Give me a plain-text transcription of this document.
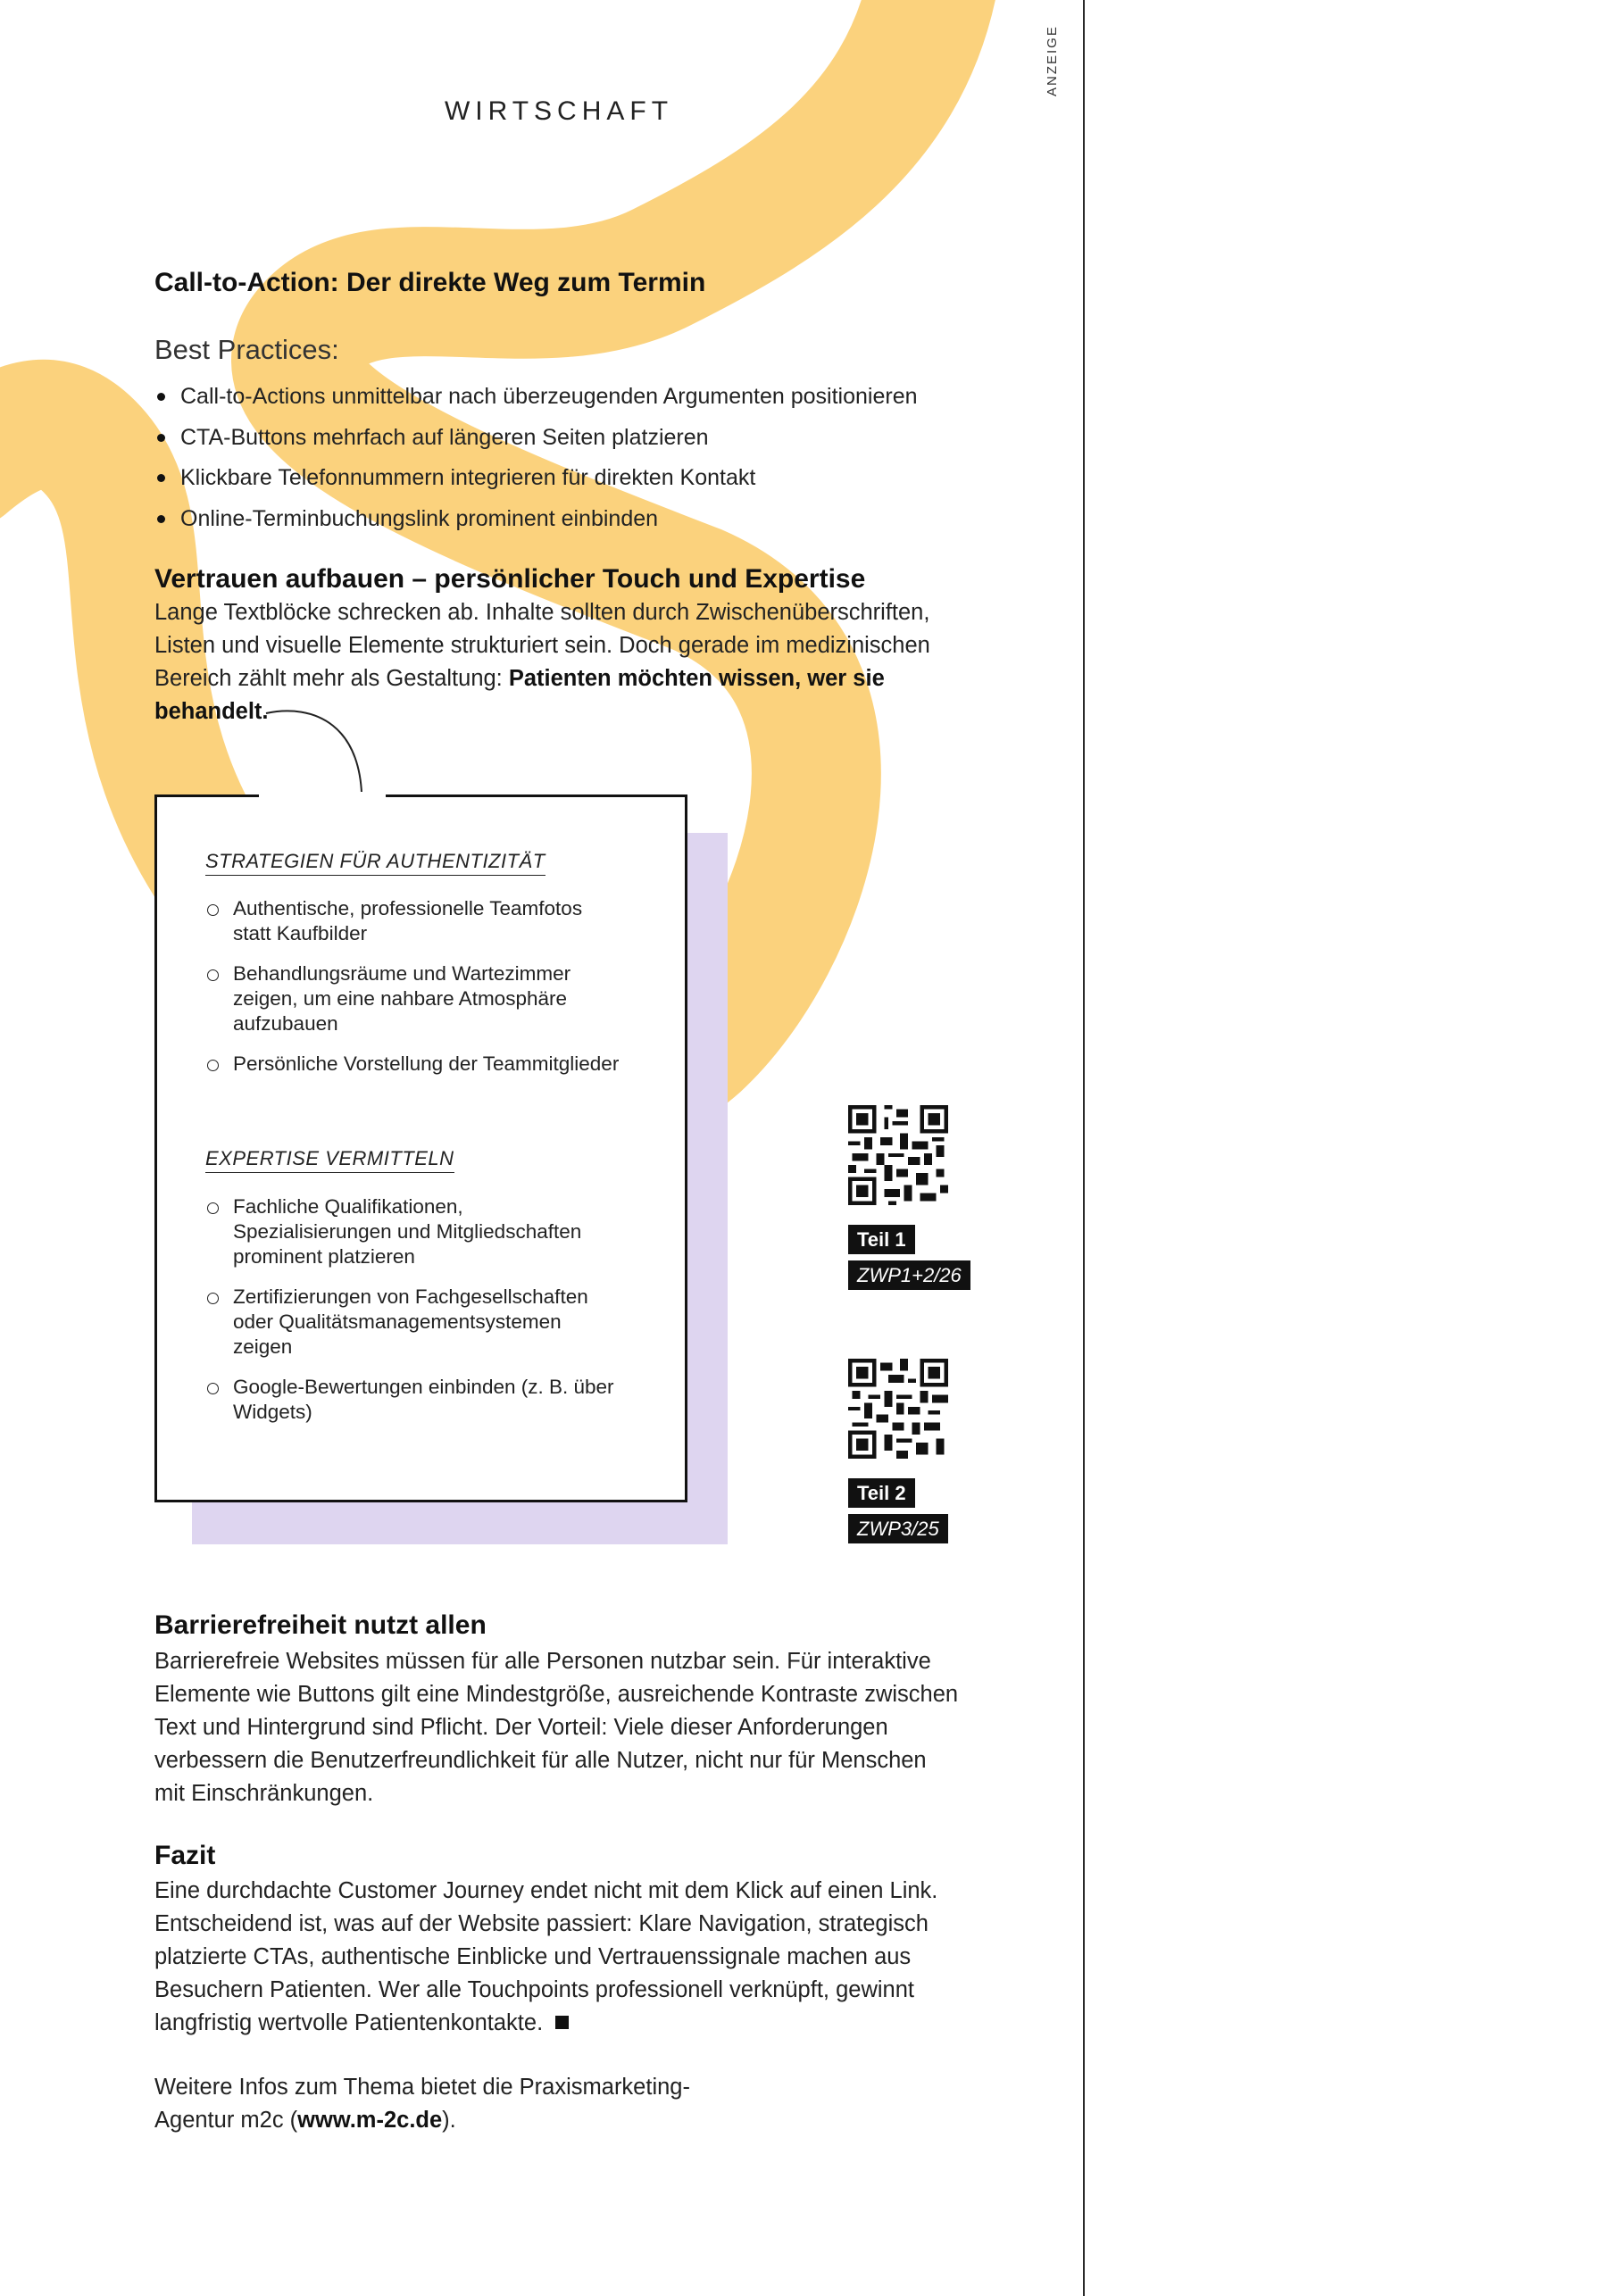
ANZEIGE
WIRTSCHAFT
Call-to-Action: Der direkte Weg zum Termin
Best Practices:
Call-to-Actions unmittelbar nach überzeugenden Argumenten positionieren
CTA-Buttons mehrfach auf längeren Seiten platzieren
Klickbare Telefonnummern integrieren für direkten Kontakt
Online-Terminbuchungslink prominent einbinden
Vertrauen aufbauen – persönlicher Touch und Expertise

Lange Textblöcke schrecken ab. Inhalte sollten durch Zwischenüberschriften, Listen und visuelle Elemente strukturiert sein. Doch gerade im medizinischen Bereich zählt mehr als Gestaltung: Patienten möchten wissen, wer sie behandelt.

STRATEGIEN FÜR AUTHENTIZITÄT
Authentische, professionelle Teamfotos statt Kaufbilder
Behandlungsräume und Wartezimmer zeigen, um eine nahbare Atmosphäre aufzubauen
Persönliche Vorstellung der Teammitglieder
EXPERTISE VERMITTELN
Fachliche Qualifikationen, Spezialisierungen und Mitgliedschaften prominent platzieren
Zertifizierungen von Fachgesellschaften oder Qualitätsmanagementsystemen zeigen
Google-Bewertungen einbinden (z. B. über Widgets)
Teil 1
ZWP1+2/26
Teil 2
ZWP3/25
Barrierefreiheit nutzt allen

Barrierefreie Websites müssen für alle Personen nutzbar sein. Für interaktive Elemente wie Buttons gilt eine Mindestgröße, ausreichende Kontraste zwischen Text und Hintergrund sind Pflicht. Der Vorteil: Viele dieser Anforderungen verbessern die Benutzerfreundlichkeit für alle Nutzer, nicht nur für Menschen mit Einschränkungen.

Fazit

Eine durchdachte Customer Journey endet nicht mit dem Klick auf einen Link. Entscheidend ist, was auf der Website passiert: Klare Navigation, strategisch platzierte CTAs, authentische Einblicke und Vertrauenssignale machen aus Besuchern Patienten. Wer alle Touchpoints professionell verknüpft, gewinnt langfristig wertvolle Patientenkontakte.

Weitere Infos zum Thema bietet die Praxismarketing-
Agentur m2c (www.m-2c.de).
